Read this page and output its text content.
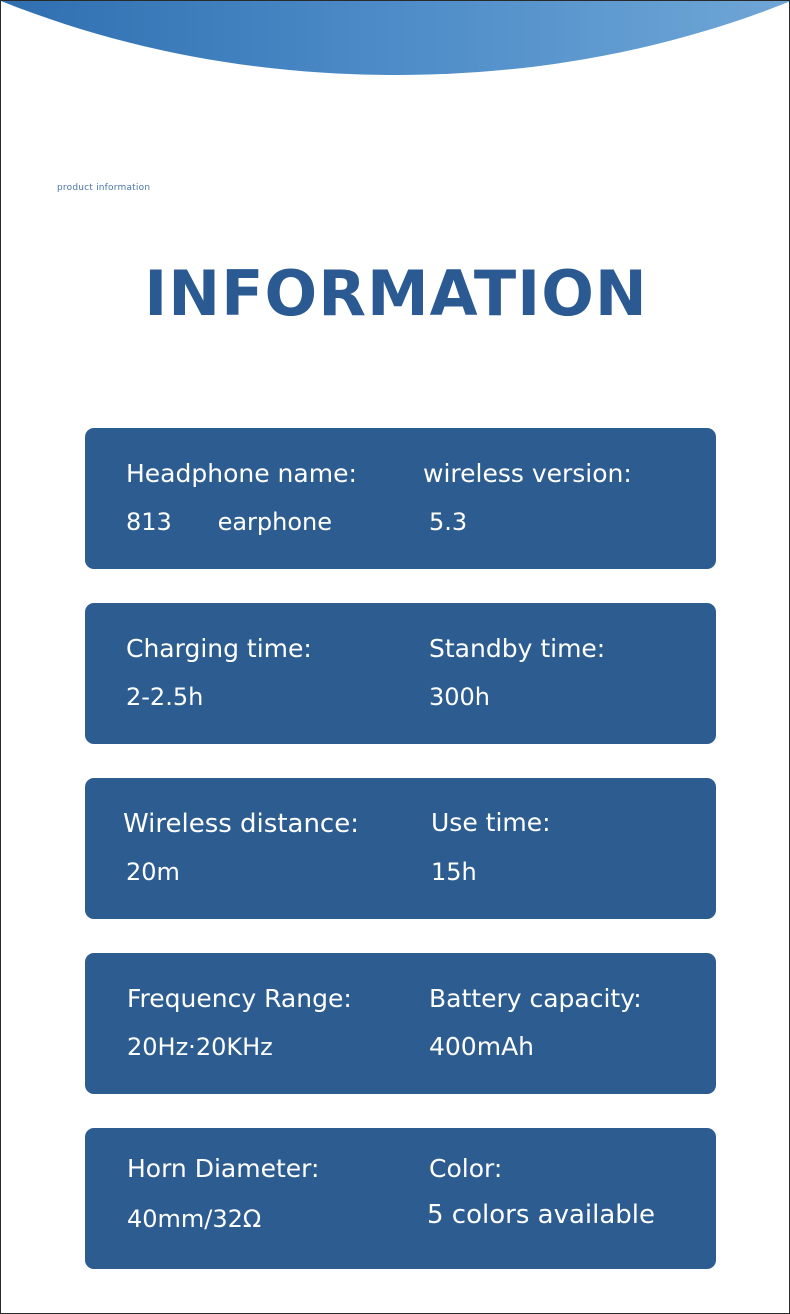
product information

INFORMATION
Headphone name:
813      earphone
wireless version:
5.3
Charging time:
2-2.5h
Standby time:
300h
Wireless distance:
20m
Use time:
15h
Frequency Range:
20Hz·20KHz
Battery capacity:
400mAh
Horn Diameter:
40mm/32Ω
Color:
5 colors available
